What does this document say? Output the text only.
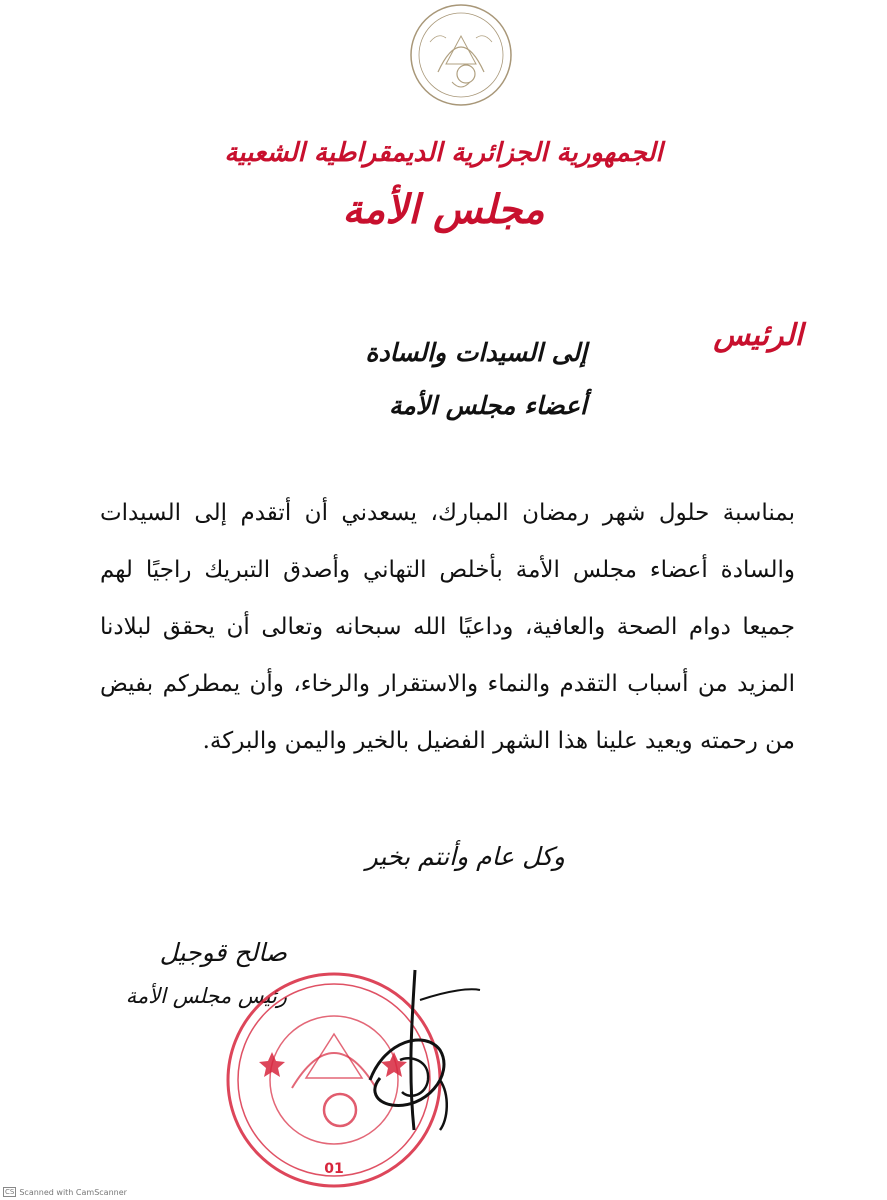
الجمهورية الجزائرية الديمقراطية الشعبية
مجلس الأمة
الرئيس
إلى السيدات والسادة
أعضاء مجلس الأمة
بمناسبة حلول شهر رمضان المبارك، يسعدني أن أتقدم إلى السيدات والسادة أعضاء مجلس الأمة بأخلص التهاني وأصدق التبريك راجيًا لهم جميعا دوام الصحة والعافية، وداعيًا الله سبحانه وتعالى أن يحقق لبلادنا المزيد من أسباب التقدم والنماء والاستقرار والرخاء، وأن يمطركم بفيض من رحمته ويعيد علينا هذا الشهر الفضيل بالخير واليمن والبركة.
وكل عام وأنتم بخير
صالح قوجيل
رئيس مجلس الأمة
01
CS Scanned with CamScanner
